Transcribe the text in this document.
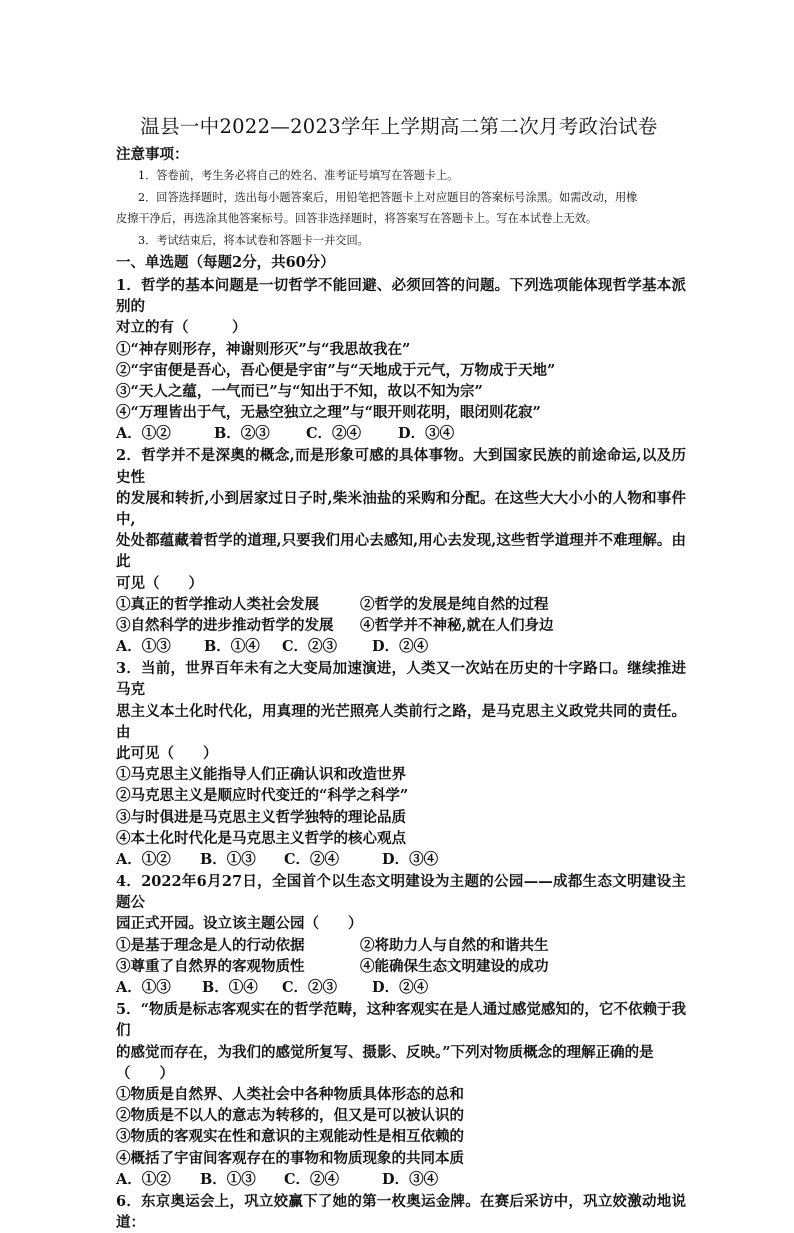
温县一中2022—2023学年上学期高二第二次月考政治试卷
注意事项：
1．答卷前，考生务必将自己的姓名、准考证号填写在答题卡上。
2．回答选择题时，选出每小题答案后，用铅笔把答题卡上对应题目的答案标号涂黑。如需改动，用橡
皮擦干净后，再选涂其他答案标号。回答非选择题时，将答案写在答题卡上。写在本试卷上无效。
3．考试结束后，将本试卷和答题卡一并交回。
一、单选题（每题2分，共60分）
1．哲学的基本问题是一切哲学不能回避、必须回答的问题。下列选项能体现哲学基本派别的
对立的有（　　　）
①“神存则形存，神谢则形灭”与“我思故我在”
②“宇宙便是吾心，吾心便是宇宙”与“天地成于元气，万物成于天地”
③“天人之蕴，一气而已”与“知出于不知，故以不知为宗”
④“万理皆出于气，无悬空独立之理”与“眼开则花明，眼闭则花寂”
A．①②	B．②③	C．②④	D．③④
2．哲学并不是深奥的概念,而是形象可感的具体事物。大到国家民族的前途命运,以及历史性
的发展和转折,小到居家过日子时,柴米油盐的采购和分配。在这些大大小小的人物和事件中,
处处都蕴藏着哲学的道理,只要我们用心去感知,用心去发现,这些哲学道理并不难理解。由此
可见（　　）
①真正的哲学推动人类社会发展	②哲学的发展是纯自然的过程
③自然科学的进步推动哲学的发展	④哲学并不神秘,就在人们身边
A．①③	B．①④	C．②③	D．②④
3．当前，世界百年未有之大变局加速演进，人类又一次站在历史的十字路口。继续推进马克
思主义本土化时代化，用真理的光芒照亮人类前行之路，是马克思主义政党共同的责任。由
此可见（　　）
①马克思主义能指导人们正确认识和改造世界
②马克思主义是顺应时代变迁的“科学之科学”
③与时俱进是马克思主义哲学独特的理论品质
④本土化时代化是马克思主义哲学的核心观点
A．①②	B．①③	C．②④	D．③④
4．2022年6月27日，全国首个以生态文明建设为主题的公园——成都生态文明建设主题公
园正式开园。设立该主题公园（　　）
①是基于理念是人的行动依据	②将助力人与自然的和谐共生
③尊重了自然界的客观物质性	④能确保生态文明建设的成功
A．①③	B．①④	C．②③	D．②④
5．“物质是标志客观实在的哲学范畴，这种客观实在是人通过感觉感知的，它不依赖于我们
的感觉而存在，为我们的感觉所复写、摄影、反映。”下列对物质概念的理解正确的是
（　　）
①物质是自然界、人类社会中各种物质具体形态的总和
②物质是不以人的意志为转移的，但又是可以被认识的
③物质的客观实在性和意识的主观能动性是相互依赖的
④概括了宇宙间客观存在的事物和物质现象的共同本质
A．①②	B．①③	C．②④	D．③④
6．东京奥运会上，巩立姣赢下了她的第一枚奥运金牌。在赛后采访中，巩立姣激动地说道：
